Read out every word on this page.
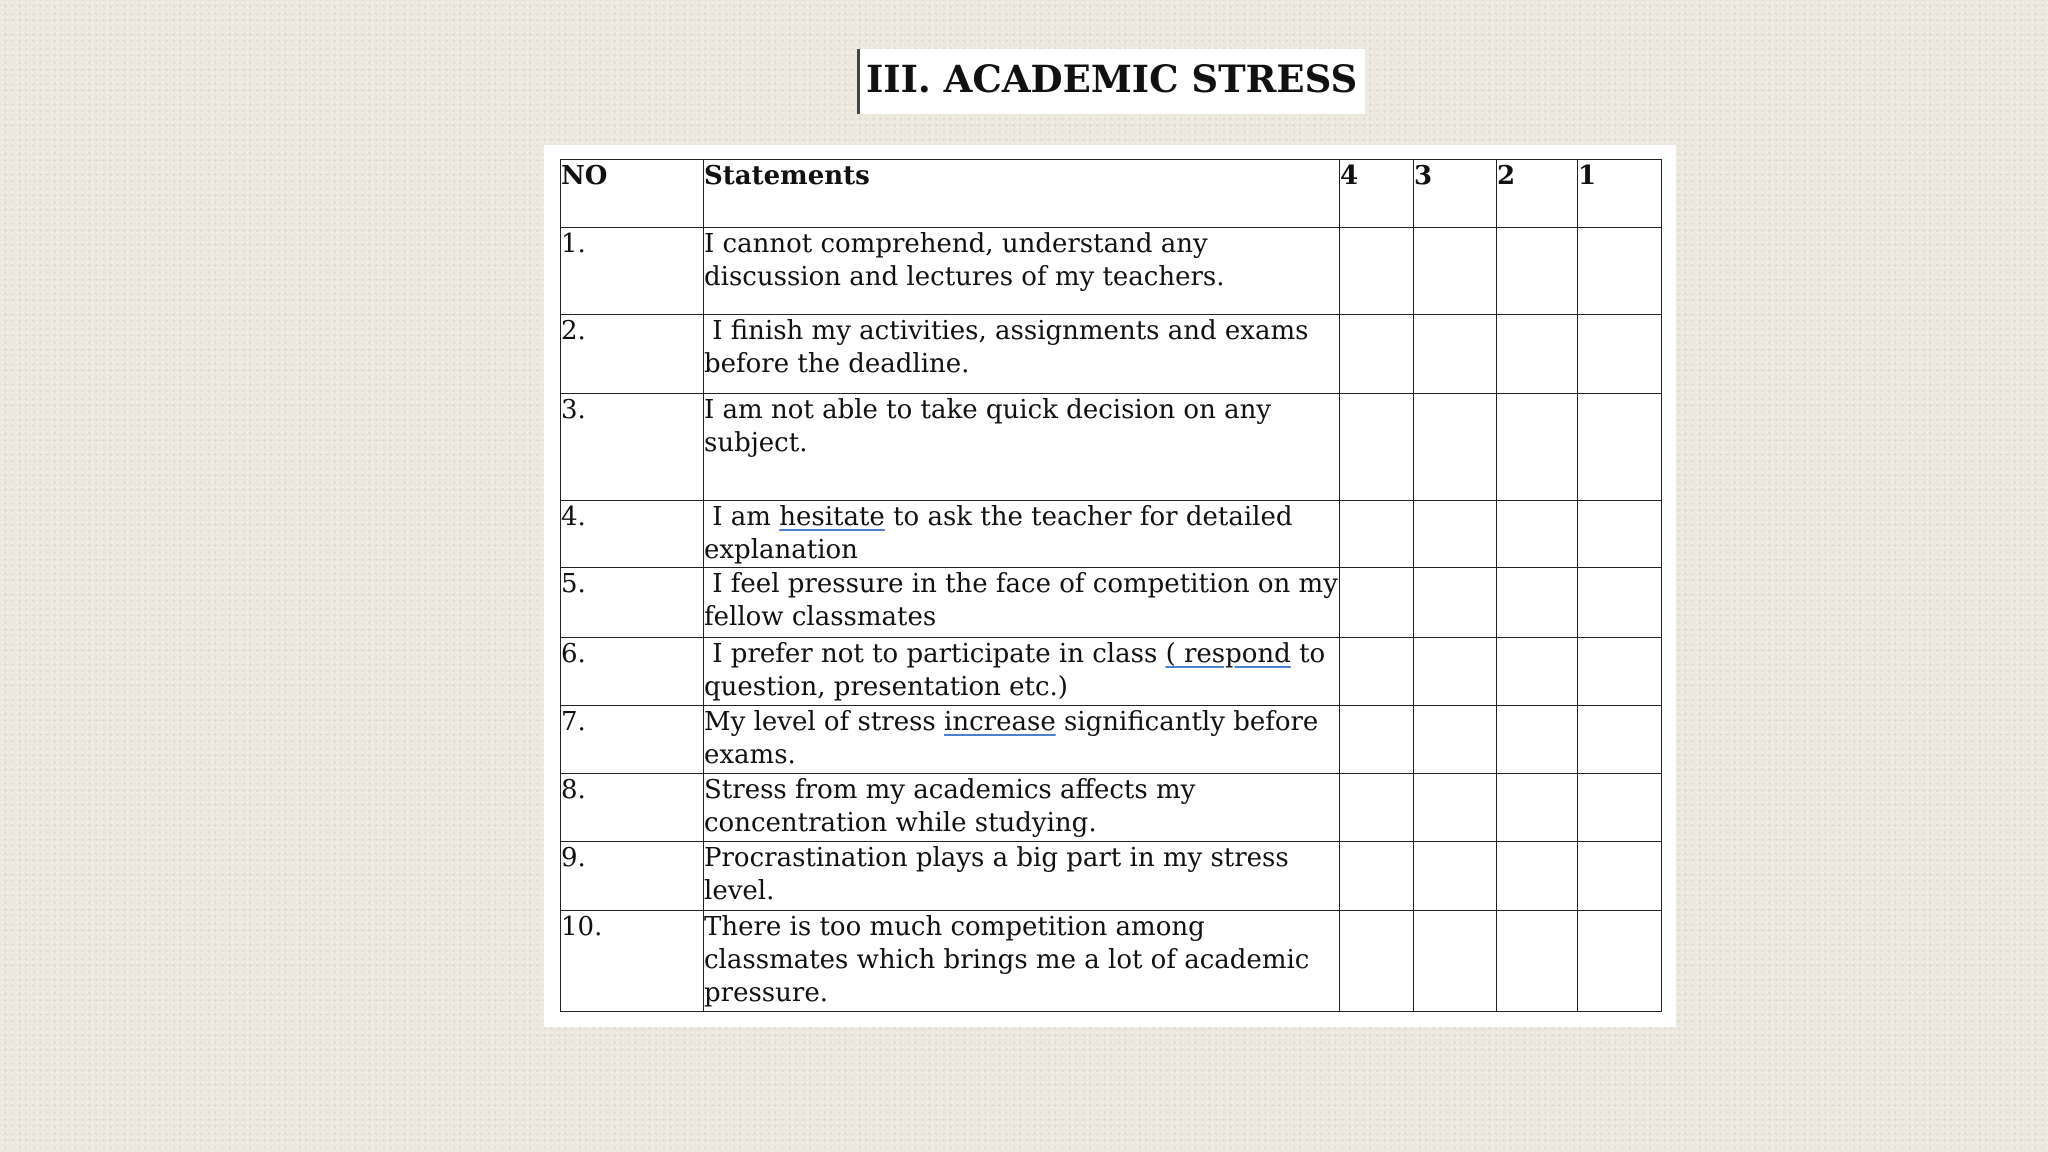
III. ACADEMIC STRESS
NO	Statements	4	3	2	1
1.	I cannot comprehend, understand any discussion and lectures of my teachers.				
2.	I finish my activities, assignments and exams before the deadline.				
3.	I am not able to take quick decision on any subject.				
4.	I am hesitate to ask the teacher for detailed explanation				
5.	I feel pressure in the face of competition on my fellow classmates				
6.	I prefer not to participate in class ( respond to question, presentation etc.)				
7.	My level of stress increase significantly before exams.				
8.	Stress from my academics affects my concentration while studying.				
9.	Procrastination plays a big part in my stress level.				
10.	There is too much competition among classmates which brings me a lot of academic pressure.				
